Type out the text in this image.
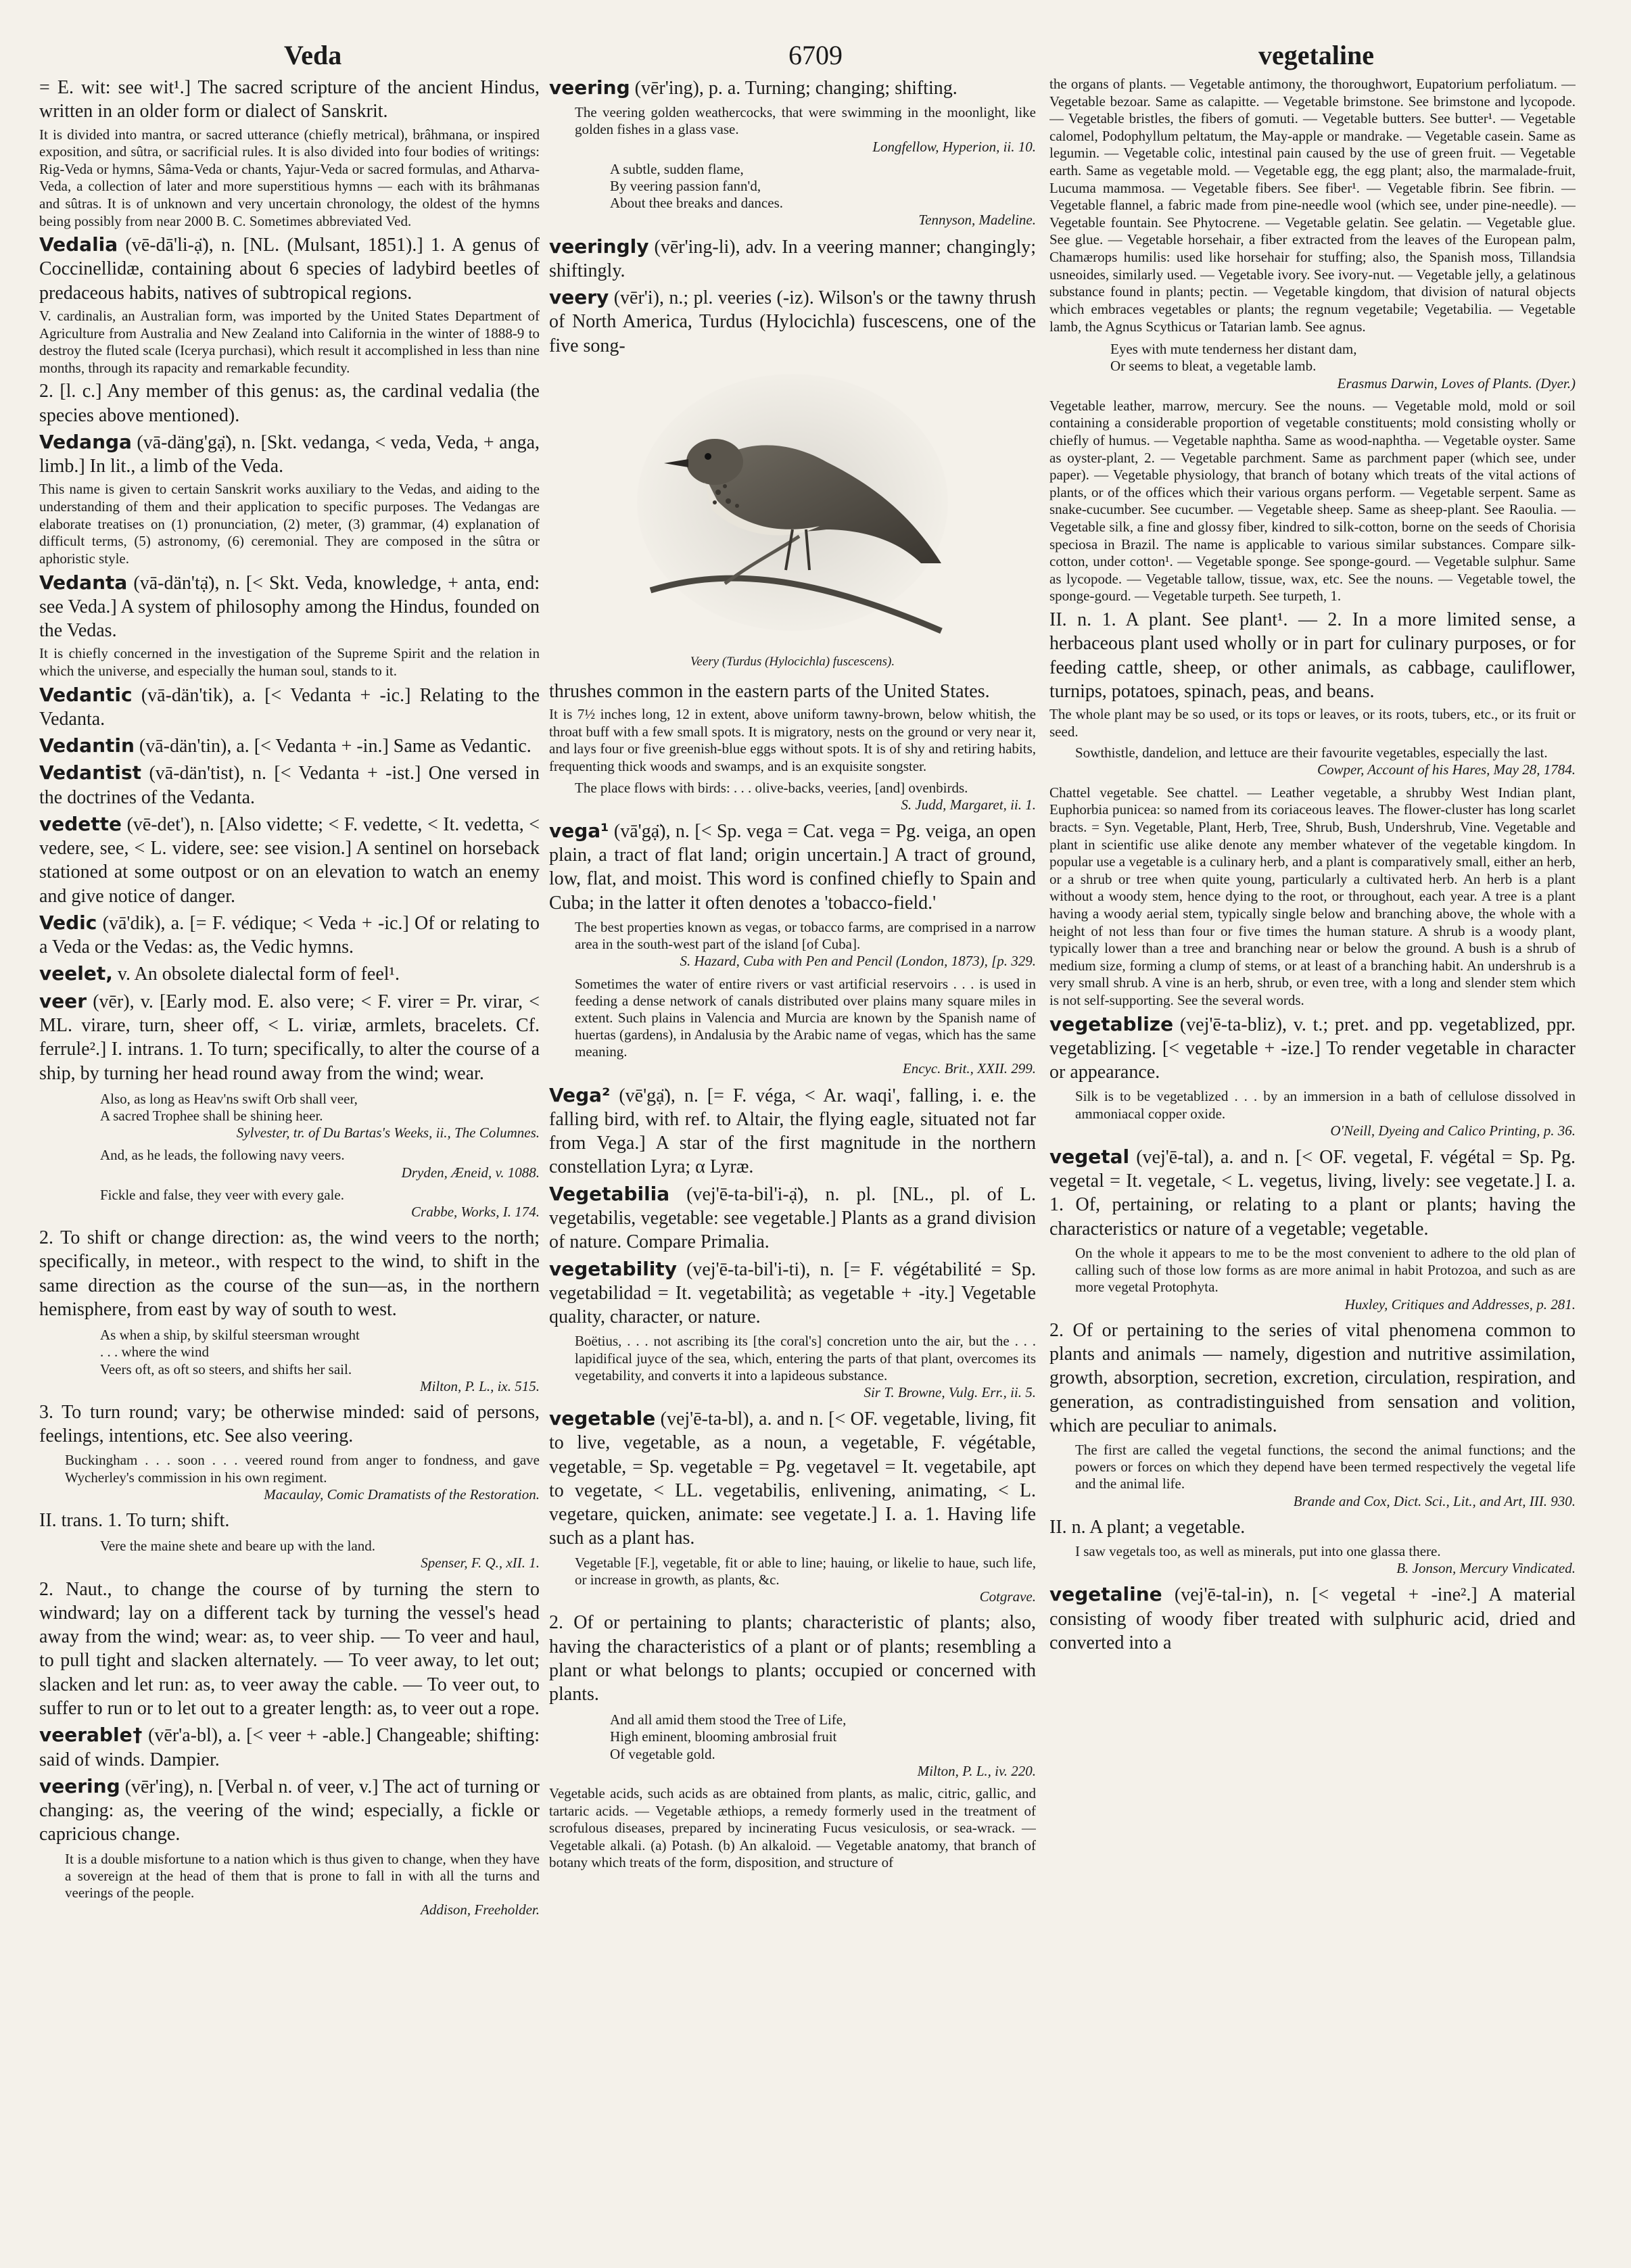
Veda	6709	vegetaline

= E. wit: see wit¹.] The sacred scripture of the ancient Hindus, written in an older form or dialect of Sanskrit.

It is divided into mantra, or sacred utterance (chiefly metrical), brâhmana, or inspired exposition, and sûtra, or sacrificial rules. It is also divided into four bodies of writings: Rig-Veda or hymns, Sâma-Veda or chants, Yajur-Veda or sacred formulas, and Atharva-Veda, a collection of later and more superstitious hymns — each with its brâhmanas and sûtras. It is of unknown and very uncertain chronology, the oldest of the hymns being possibly from near 2000 B. C. Sometimes abbreviated Ved.

Vedalia (vē-dā'li-ạ̈), n. [NL. (Mulsant, 1851).] 1. A genus of Coccinellidæ, containing about 6 species of ladybird beetles of predaceous habits, natives of subtropical regions.

V. cardinalis, an Australian form, was imported by the United States Department of Agriculture from Australia and New Zealand into California in the winter of 1888-9 to destroy the fluted scale (Icerya purchasi), which result it accomplished in less than nine months, through its rapacity and remarkable fecundity.

2. [l. c.] Any member of this genus: as, the cardinal vedalia (the species above mentioned).

Vedanga (vā-däng'gạ̈), n. [Skt. vedanga, < veda, Veda, + anga, limb.] In lit., a limb of the Veda.

This name is given to certain Sanskrit works auxiliary to the Vedas, and aiding to the understanding of them and their application to specific purposes. The Vedangas are elaborate treatises on (1) pronunciation, (2) meter, (3) grammar, (4) explanation of difficult terms, (5) astronomy, (6) ceremonial. They are composed in the sûtra or aphoristic style.

Vedanta (vā-dän'tạ̈), n. [< Skt. Veda, knowledge, + anta, end: see Veda.] A system of philosophy among the Hindus, founded on the Vedas.

It is chiefly concerned in the investigation of the Supreme Spirit and the relation in which the universe, and especially the human soul, stands to it.

Vedantic (vā-dän'tik), a. [< Vedanta + -ic.] Relating to the Vedanta.

Vedantin (vā-dän'tin), a. [< Vedanta + -in.] Same as Vedantic.

Vedantist (vā-dän'tist), n. [< Vedanta + -ist.] One versed in the doctrines of the Vedanta.

vedette (vē-det'), n. [Also vidette; < F. vedette, < It. vedetta, < vedere, see, < L. videre, see: see vision.] A sentinel on horseback stationed at some outpost or on an elevation to watch an enemy and give notice of danger.

Vedic (vā'dik), a. [= F. védique; < Veda + -ic.] Of or relating to a Veda or the Vedas: as, the Vedic hymns.

veelet, v. An obsolete dialectal form of feel¹.

veer (vēr), v. [Early mod. E. also vere; < F. virer = Pr. virar, < ML. virare, turn, sheer off, < L. viriæ, armlets, bracelets. Cf. ferrule².] I. intrans. 1. To turn; specifically, to alter the course of a ship, by turning her head round away from the wind; wear.

Also, as long as Heav'ns swift Orb shall veer,
A sacred Trophee shall be shining heer.
Sylvester, tr. of Du Bartas's Weeks, ii., The Columnes.
And, as he leads, the following navy veers.
Dryden, Æneid, v. 1088.
Fickle and false, they veer with every gale.
Crabbe, Works, I. 174.

2. To shift or change direction: as, the wind veers to the north; specifically, in meteor., with respect to the wind, to shift in the same direction as the course of the sun—as, in the northern hemisphere, from east by way of south to west.

As when a ship, by skilful steersman wrought
. . . where the wind
Veers oft, as oft so steers, and shifts her sail.
Milton, P. L., ix. 515.

3. To turn round; vary; be otherwise minded: said of persons, feelings, intentions, etc. See also veering.

Buckingham . . . soon . . . veered round from anger to fondness, and gave Wycherley's commission in his own regiment.
Macaulay, Comic Dramatists of the Restoration.

II. trans. 1. To turn; shift.

Vere the maine shete and beare up with the land.
Spenser, F. Q., xII. 1.

2. Naut., to change the course of by turning the stern to windward; lay on a different tack by turning the vessel's head away from the wind; wear: as, to veer ship. — To veer and haul, to pull tight and slacken alternately. — To veer away, to let out; slacken and let run: as, to veer away the cable. — To veer out, to suffer to run or to let out to a greater length: as, to veer out a rope.

veerable† (vēr'a-bl), a. [< veer + -able.] Changeable; shifting: said of winds. Dampier.

veering (vēr'ing), n. [Verbal n. of veer, v.] The act of turning or changing: as, the veering of the wind; especially, a fickle or capricious change.

It is a double misfortune to a nation which is thus given to change, when they have a sovereign at the head of them that is prone to fall in with all the turns and veerings of the people.
Addison, Freeholder.

veering (vēr'ing), p. a. Turning; changing; shifting.

The veering golden weathercocks, that were swimming in the moonlight, like golden fishes in a glass vase.
Longfellow, Hyperion, ii. 10.
A subtle, sudden flame,
By veering passion fann'd,
About thee breaks and dances.
Tennyson, Madeline.

veeringly (vēr'ing-li), adv. In a veering manner; changingly; shiftingly.

veery (vēr'i), n.; pl. veeries (-iz). Wilson's or the tawny thrush of North America, Turdus (Hylocichla) fuscescens, one of the five song-

Veery (Turdus (Hylocichla) fuscescens).

thrushes common in the eastern parts of the United States.

It is 7½ inches long, 12 in extent, above uniform tawny-brown, below whitish, the throat buff with a few small spots. It is migratory, nests on the ground or very near it, and lays four or five greenish-blue eggs without spots. It is of shy and retiring habits, frequenting thick woods and swamps, and is an exquisite songster.

The place flows with birds: . . . olive-backs, veeries, [and] ovenbirds.
S. Judd, Margaret, ii. 1.

vega¹ (vā'gạ̈), n. [< Sp. vega = Cat. vega = Pg. veiga, an open plain, a tract of flat land; origin uncertain.] A tract of ground, low, flat, and moist. This word is confined chiefly to Spain and Cuba; in the latter it often denotes a 'tobacco-field.'

The best properties known as vegas, or tobacco farms, are comprised in a narrow area in the south-west part of the island [of Cuba].
S. Hazard, Cuba with Pen and Pencil (London, 1873), [p. 329.
Sometimes the water of entire rivers or vast artificial reservoirs . . . is used in feeding a dense network of canals distributed over plains many square miles in extent. Such plains in Valencia and Murcia are known by the Spanish name of huertas (gardens), in Andalusia by the Arabic name of vegas, which has the same meaning.
Encyc. Brit., XXII. 299.

Vega² (vē'gạ̈), n. [= F. véga, < Ar. waqi', falling, i. e. the falling bird, with ref. to Altair, the flying eagle, situated not far from Vega.] A star of the first magnitude in the northern constellation Lyra; α Lyræ.

Vegetabilia (vej'ē-ta-bil'i-ạ̈), n. pl. [NL., pl. of L. vegetabilis, vegetable: see vegetable.] Plants as a grand division of nature. Compare Primalia.

vegetability (vej'ē-ta-bil'i-ti), n. [= F. végétabilité = Sp. vegetabilidad = It. vegetabilità; as vegetable + -ity.] Vegetable quality, character, or nature.

Boëtius, . . . not ascribing its [the coral's] concretion unto the air, but the . . . lapidifical juyce of the sea, which, entering the parts of that plant, overcomes its vegetability, and converts it into a lapideous substance.
Sir T. Browne, Vulg. Err., ii. 5.

vegetable (vej'ē-ta-bl), a. and n. [< OF. vegetable, living, fit to live, vegetable, as a noun, a vegetable, F. végétable, vegetable, = Sp. vegetable = Pg. vegetavel = It. vegetabile, apt to vegetate, < LL. vegetabilis, enlivening, animating, < L. vegetare, quicken, animate: see vegetate.] I. a. 1. Having life such as a plant has.

Vegetable [F.], vegetable, fit or able to line; hauing, or likelie to haue, such life, or increase in growth, as plants, &c.
Cotgrave.

2. Of or pertaining to plants; characteristic of plants; also, having the characteristics of a plant or of plants; resembling a plant or what belongs to plants; occupied or concerned with plants.

And all amid them stood the Tree of Life,
High eminent, blooming ambrosial fruit
Of vegetable gold.
Milton, P. L., iv. 220.

Vegetable acids, such acids as are obtained from plants, as malic, citric, gallic, and tartaric acids. — Vegetable æthiops, a remedy formerly used in the treatment of scrofulous diseases, prepared by incinerating Fucus vesiculosis, or sea-wrack. — Vegetable alkali. (a) Potash. (b) An alkaloid. — Vegetable anatomy, that branch of botany which treats of the form, disposition, and structure of

the organs of plants. — Vegetable antimony, the thoroughwort, Eupatorium perfoliatum. — Vegetable bezoar. Same as calapitte. — Vegetable brimstone. See brimstone and lycopode. — Vegetable bristles, the fibers of gomuti. — Vegetable butters. See butter¹. — Vegetable calomel, Podophyllum peltatum, the May-apple or mandrake. — Vegetable casein. Same as legumin. — Vegetable colic, intestinal pain caused by the use of green fruit. — Vegetable earth. Same as vegetable mold. — Vegetable egg, the egg plant; also, the marmalade-fruit, Lucuma mammosa. — Vegetable fibers. See fiber¹. — Vegetable fibrin. See fibrin. — Vegetable flannel, a fabric made from pine-needle wool (which see, under pine-needle). — Vegetable fountain. See Phytocrene. — Vegetable gelatin. See gelatin. — Vegetable glue. See glue. — Vegetable horsehair, a fiber extracted from the leaves of the European palm, Chamærops humilis: used like horsehair for stuffing; also, the Spanish moss, Tillandsia usneoides, similarly used. — Vegetable ivory. See ivory-nut. — Vegetable jelly, a gelatinous substance found in plants; pectin. — Vegetable kingdom, that division of natural objects which embraces vegetables or plants; the regnum vegetabile; Vegetabilia. — Vegetable lamb, the Agnus Scythicus or Tatarian lamb. See agnus.

Eyes with mute tenderness her distant dam,
Or seems to bleat, a vegetable lamb.
Erasmus Darwin, Loves of Plants. (Dyer.)

Vegetable leather, marrow, mercury. See the nouns. — Vegetable mold, mold or soil containing a considerable proportion of vegetable constituents; mold consisting wholly or chiefly of humus. — Vegetable naphtha. Same as wood-naphtha. — Vegetable oyster. Same as oyster-plant, 2. — Vegetable parchment. Same as parchment paper (which see, under paper). — Vegetable physiology, that branch of botany which treats of the vital actions of plants, or of the offices which their various organs perform. — Vegetable serpent. Same as snake-cucumber. See cucumber. — Vegetable sheep. Same as sheep-plant. See Raoulia. — Vegetable silk, a fine and glossy fiber, kindred to silk-cotton, borne on the seeds of Chorisia speciosa in Brazil. The name is applicable to various similar substances. Compare silk-cotton, under cotton¹. — Vegetable sponge. See sponge-gourd. — Vegetable sulphur. Same as lycopode. — Vegetable tallow, tissue, wax, etc. See the nouns. — Vegetable towel, the sponge-gourd. — Vegetable turpeth. See turpeth, 1.

II. n. 1. A plant. See plant¹. — 2. In a more limited sense, a herbaceous plant used wholly or in part for culinary purposes, or for feeding cattle, sheep, or other animals, as cabbage, cauliflower, turnips, potatoes, spinach, peas, and beans.

The whole plant may be so used, or its tops or leaves, or its roots, tubers, etc., or its fruit or seed.

Sowthistle, dandelion, and lettuce are their favourite vegetables, especially the last.
Cowper, Account of his Hares, May 28, 1784.

Chattel vegetable. See chattel. — Leather vegetable, a shrubby West Indian plant, Euphorbia punicea: so named from its coriaceous leaves. The flower-cluster has long scarlet bracts. = Syn. Vegetable, Plant, Herb, Tree, Shrub, Bush, Undershrub, Vine. Vegetable and plant in scientific use alike denote any member whatever of the vegetable kingdom. In popular use a vegetable is a culinary herb, and a plant is comparatively small, either an herb, or a shrub or tree when quite young, particularly a cultivated herb. An herb is a plant without a woody stem, hence dying to the root, or throughout, each year. A tree is a plant having a woody aerial stem, typically single below and branching above, the whole with a height of not less than four or five times the human stature. A shrub is a woody plant, typically lower than a tree and branching near or below the ground. A bush is a shrub of medium size, forming a clump of stems, or at least of a branching habit. An undershrub is a very small shrub. A vine is an herb, shrub, or even tree, with a long and slender stem which is not self-supporting. See the several words.

vegetablize (vej'ē-ta-bliz), v. t.; pret. and pp. vegetablized, ppr. vegetablizing. [< vegetable + -ize.] To render vegetable in character or appearance.

Silk is to be vegetablized . . . by an immersion in a bath of cellulose dissolved in ammoniacal copper oxide.
O'Neill, Dyeing and Calico Printing, p. 36.

vegetal (vej'ē-tal), a. and n. [< OF. vegetal, F. végétal = Sp. Pg. vegetal = It. vegetale, < L. vegetus, living, lively: see vegetate.] I. a. 1. Of, pertaining, or relating to a plant or plants; having the characteristics or nature of a vegetable; vegetable.

On the whole it appears to me to be the most convenient to adhere to the old plan of calling such of those low forms as are more animal in habit Protozoa, and such as are more vegetal Protophyta.
Huxley, Critiques and Addresses, p. 281.

2. Of or pertaining to the series of vital phenomena common to plants and animals — namely, digestion and nutritive assimilation, growth, absorption, secretion, excretion, circulation, respiration, and generation, as contradistinguished from sensation and volition, which are peculiar to animals.

The first are called the vegetal functions, the second the animal functions; and the powers or forces on which they depend have been termed respectively the vegetal life and the animal life.
Brande and Cox, Dict. Sci., Lit., and Art, III. 930.

II. n. A plant; a vegetable.

I saw vegetals too, as well as minerals, put into one glassa there.
B. Jonson, Mercury Vindicated.

vegetaline (vej'ē-tal-in), n. [< vegetal + -ine².] A material consisting of woody fiber treated with sulphuric acid, dried and converted into a
